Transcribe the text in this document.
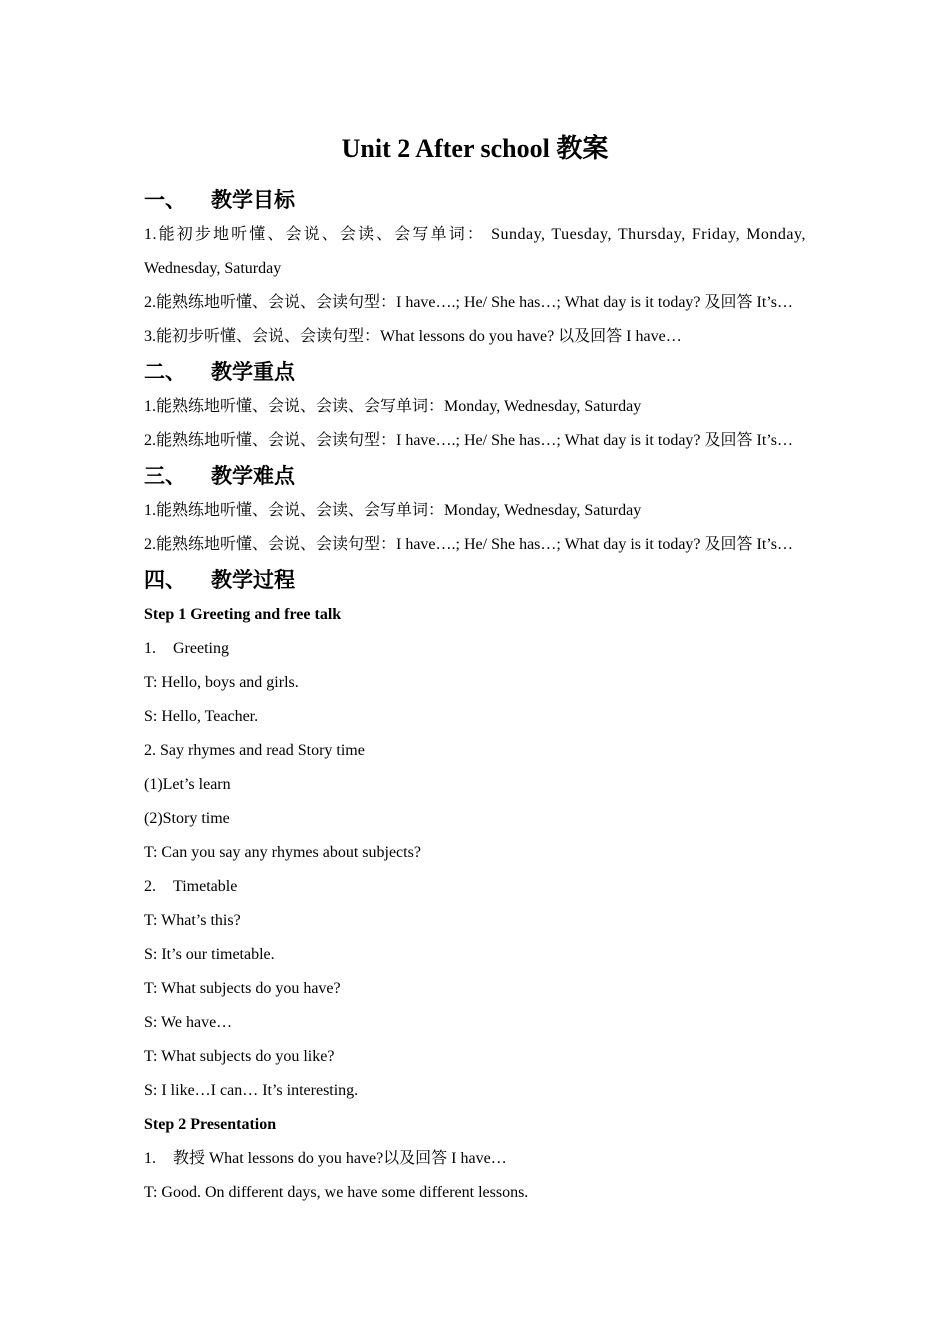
Unit 2 After school 教案
一、 教学目标
1.能初步地听懂、会说、会读、会写单词： Sunday, Tuesday, Thursday, Friday, Monday,
Wednesday, Saturday
2.能熟练地听懂、会说、会读句型：I have….; He/ She has…; What day is it today? 及回答 It’s…
3.能初步听懂、会说、会读句型：What lessons do you have? 以及回答 I have…
二、 教学重点
1.能熟练地听懂、会说、会读、会写单词：Monday, Wednesday, Saturday
2.能熟练地听懂、会说、会读句型：I have….; He/ She has…; What day is it today? 及回答 It’s…
三、 教学难点
1.能熟练地听懂、会说、会读、会写单词：Monday, Wednesday, Saturday
2.能熟练地听懂、会说、会读句型：I have….; He/ She has…; What day is it today? 及回答 It’s…
四、 教学过程
Step 1 Greeting and free talk
1. Greeting
T: Hello, boys and girls.
S: Hello, Teacher.
2. Say rhymes and read Story time
(1)Let’s learn
(2)Story time
T: Can you say any rhymes about subjects?
2. Timetable
T: What’s this?
S: It’s our timetable.
T: What subjects do you have?
S: We have…
T: What subjects do you like?
S: I like…I can… It’s interesting.
Step 2 Presentation
1. 教授 What lessons do you have?以及回答 I have…
T: Good. On different days, we have some different lessons.
